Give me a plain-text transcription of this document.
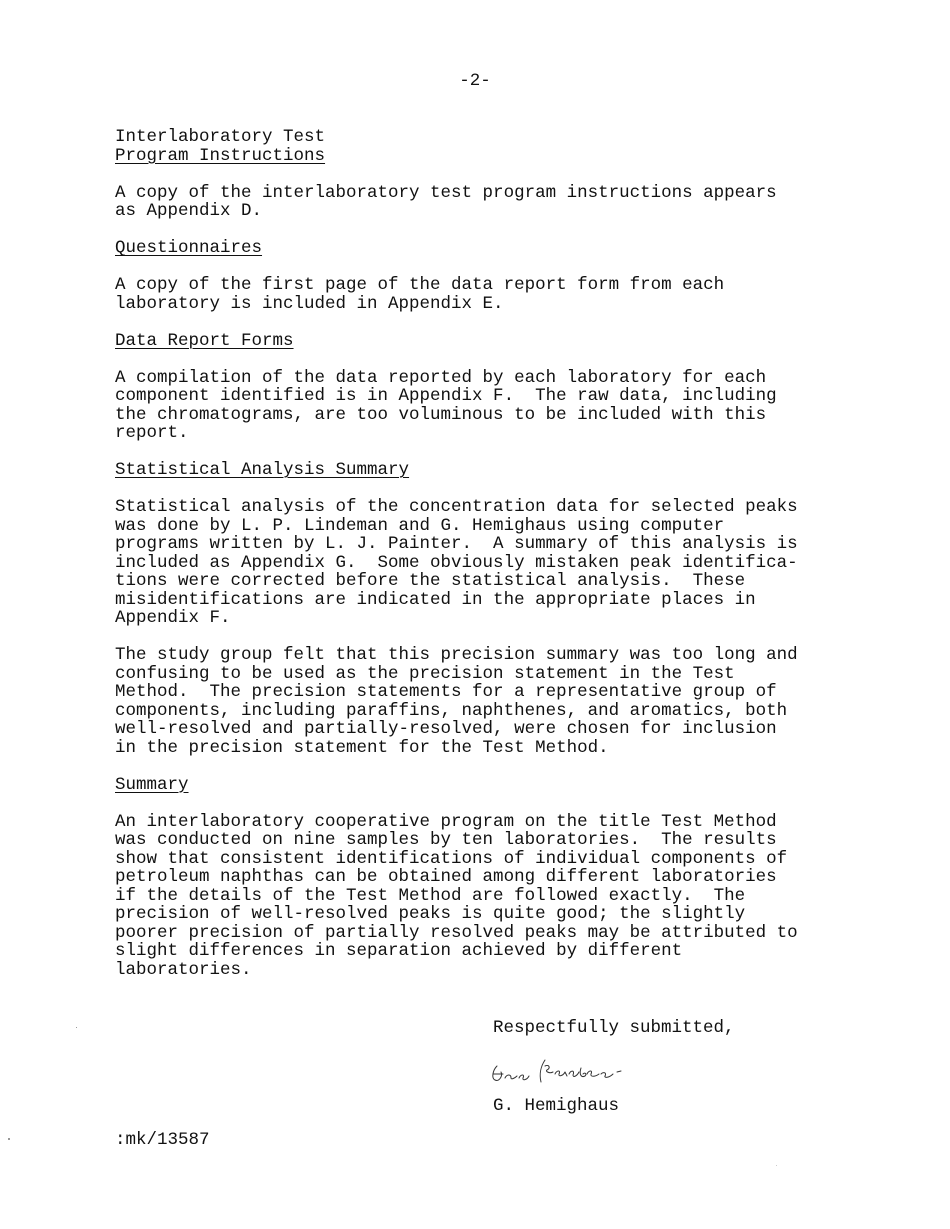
-2-

Interlaboratory Test

Program Instructions

A copy of the interlaboratory test program instructions appears

as Appendix D.

Questionnaires

A copy of the first page of the data report form from each

laboratory is included in Appendix E.

Data Report Forms

A compilation of the data reported by each laboratory for each

component identified is in Appendix F.  The raw data, including

the chromatograms, are too voluminous to be included with this

report.

Statistical Analysis Summary

Statistical analysis of the concentration data for selected peaks

was done by L. P. Lindeman and G. Hemighaus using computer

programs written by L. J. Painter.  A summary of this analysis is

included as Appendix G.  Some obviously mistaken peak identifica-

tions were corrected before the statistical analysis.  These

misidentifications are indicated in the appropriate places in

Appendix F.

The study group felt that this precision summary was too long and

confusing to be used as the precision statement in the Test

Method.  The precision statements for a representative group of

components, including paraffins, naphthenes, and aromatics, both

well-resolved and partially-resolved, were chosen for inclusion

in the precision statement for the Test Method.

Summary

An interlaboratory cooperative program on the title Test Method

was conducted on nine samples by ten laboratories.  The results

show that consistent identifications of individual components of

petroleum naphthas can be obtained among different laboratories

if the details of the Test Method are followed exactly.  The

precision of well-resolved peaks is quite good; the slightly

poorer precision of partially resolved peaks may be attributed to

slight differences in separation achieved by different

laboratories.

Respectfully submitted,

G. Hemighaus

:mk/13587
